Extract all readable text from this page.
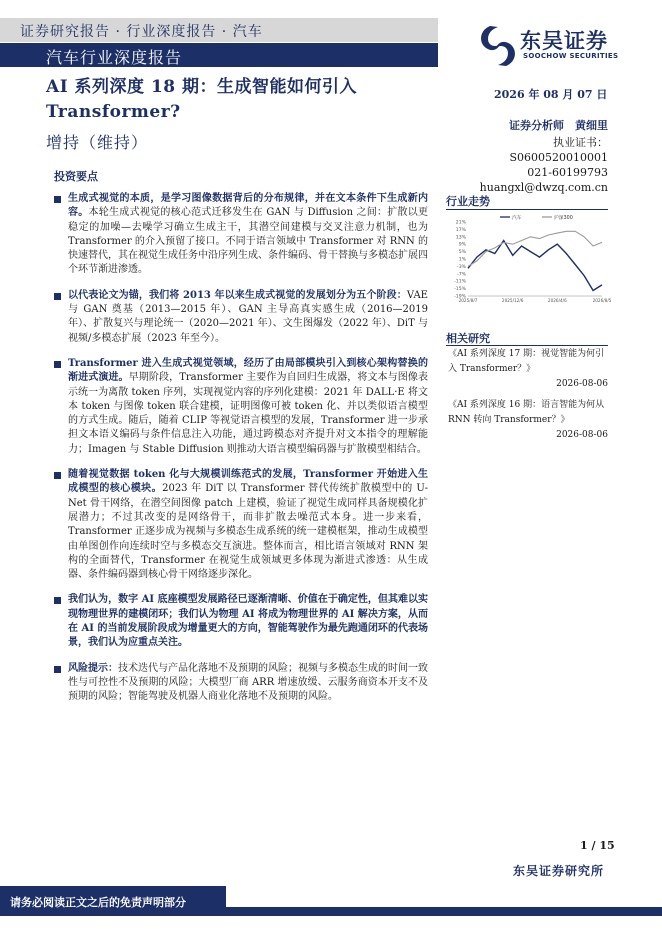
证券研究报告 · 行业深度报告 · 汽车
汽车行业深度报告
东吴证券
SOOCHOW SECURITIES
AI 系列深度 18 期：生成智能如何引入 Transformer?
2026 年 08 月 07 日
增持（维持）
证券分析师　黄细里
执业证书：S0600520010001
021-60199793
huangxl@dwzq.com.cn
投资要点
生成式视觉的本质，是学习图像数据背后的分布规律，并在文本条件下生成新内容。本轮生成式视觉的核心范式迁移发生在 GAN 与 Diffusion 之间：扩散以更稳定的加噪—去噪学习确立生成主干，其潜空间建模与交叉注意力机制，也为 Transformer 的介入预留了接口。不同于语言领域中 Transformer 对 RNN 的快速替代，其在视觉生成任务中沿序列生成、条件编码、骨干替换与多模态扩展四个环节渐进渗透。
以代表论文为锚，我们将 2013 年以来生成式视觉的发展划分为五个阶段：VAE 与 GAN 奠基（2013—2015 年）、GAN 主导高真实感生成（2016—2019 年）、扩散复兴与理论统一（2020—2021 年）、文生图爆发（2022 年）、DiT 与视频/多模态扩展（2023 年至今）。
Transformer 进入生成式视觉领域，经历了由局部模块引入到核心架构替换的渐进式演进。早期阶段，Transformer 主要作为自回归生成器，将文本与图像表示统一为离散 token 序列，实现视觉内容的序列化建模：2021 年 DALL·E 将文本 token 与图像 token 联合建模，证明图像可被 token 化、并以类似语言模型的方式生成。随后，随着 CLIP 等视觉语言模型的发展，Transformer 进一步承担文本语义编码与条件信息注入功能，通过跨模态对齐提升对文本指令的理解能力；Imagen 与 Stable Diffusion 则推动大语言模型编码器与扩散模型相结合。
随着视觉数据 token 化与大规模训练范式的发展，Transformer 开始进入生成模型的核心模块。2023 年 DiT 以 Transformer 替代传统扩散模型中的 U-Net 骨干网络，在潜空间图像 patch 上建模，验证了视觉生成同样具备规模化扩展潜力；不过其改变的是网络骨干，而非扩散去噪范式本身。进一步来看，Transformer 正逐步成为视频与多模态生成系统的统一建模框架，推动生成模型由单图创作向连续时空与多模态交互演进。整体而言，相比语言领域对 RNN 架构的全面替代，Transformer 在视觉生成领域更多体现为渐进式渗透：从生成器、条件编码器到核心骨干网络逐步深化。
我们认为，数字 AI 底座模型发展路径已逐渐清晰、价值在于确定性，但其难以实现物理世界的建模闭环；我们认为物理 AI 将成为物理世界的 AI 解决方案，从而在 AI 的当前发展阶段成为增量更大的方向，智能驾驶作为最先跑通闭环的代表场景，我们认为应重点关注。
风险提示：技术迭代与产品化落地不及预期的风险；视频与多模态生成的时间一致性与可控性不及预期的风险；大模型厂商 ARR 增速放缓、云服务商资本开支不及预期的风险；智能驾驶及机器人商业化落地不及预期的风险。
行业走势
21%
17%
13%
9%
5%
1%
-3%
-7%
-11%
-15%
-19%
2025/8/7	2025/12/6	2026/4/6	2026/8/5
汽车	沪深300
相关研究
《AI 系列深度 17 期：视觉智能为何引入 Transformer？》
2026-08-06
《AI 系列深度 16 期：语言智能为何从 RNN 转向 Transformer？》
2026-08-06
1 / 15
东吴证券研究所
请务必阅读正文之后的免责声明部分
